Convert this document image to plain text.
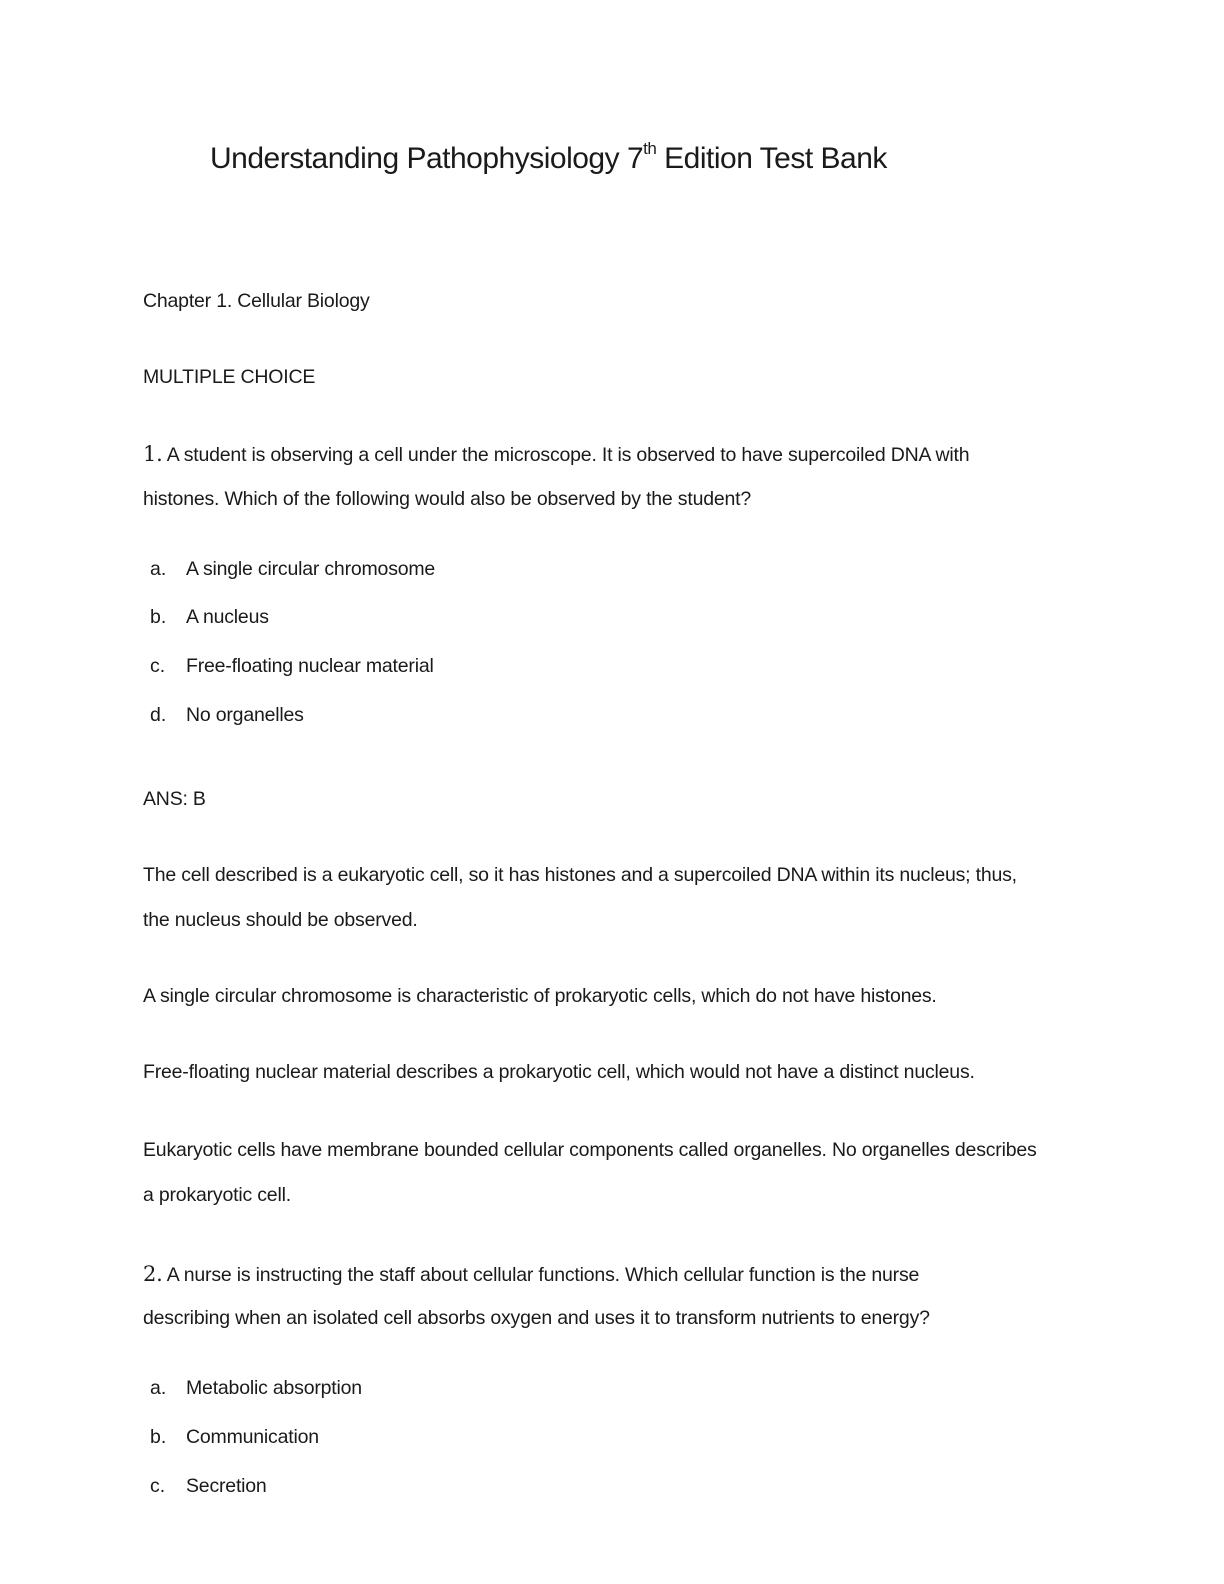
Understanding Pathophysiology 7th Edition Test Bank
Chapter 1. Cellular Biology
MULTIPLE CHOICE
1. A student is observing a cell under the microscope. It is observed to have supercoiled DNA with
histones. Which of the following would also be observed by the student?
a. A single circular chromosome
b. A nucleus
c. Free-floating nuclear material
d. No organelles
ANS: B
The cell described is a eukaryotic cell, so it has histones and a supercoiled DNA within its nucleus; thus,
the nucleus should be observed.
A single circular chromosome is characteristic of prokaryotic cells, which do not have histones.
Free-floating nuclear material describes a prokaryotic cell, which would not have a distinct nucleus.
Eukaryotic cells have membrane bounded cellular components called organelles. No organelles describes
a prokaryotic cell.
2. A nurse is instructing the staff about cellular functions. Which cellular function is the nurse
describing when an isolated cell absorbs oxygen and uses it to transform nutrients to energy?
a. Metabolic absorption
b. Communication
c. Secretion
